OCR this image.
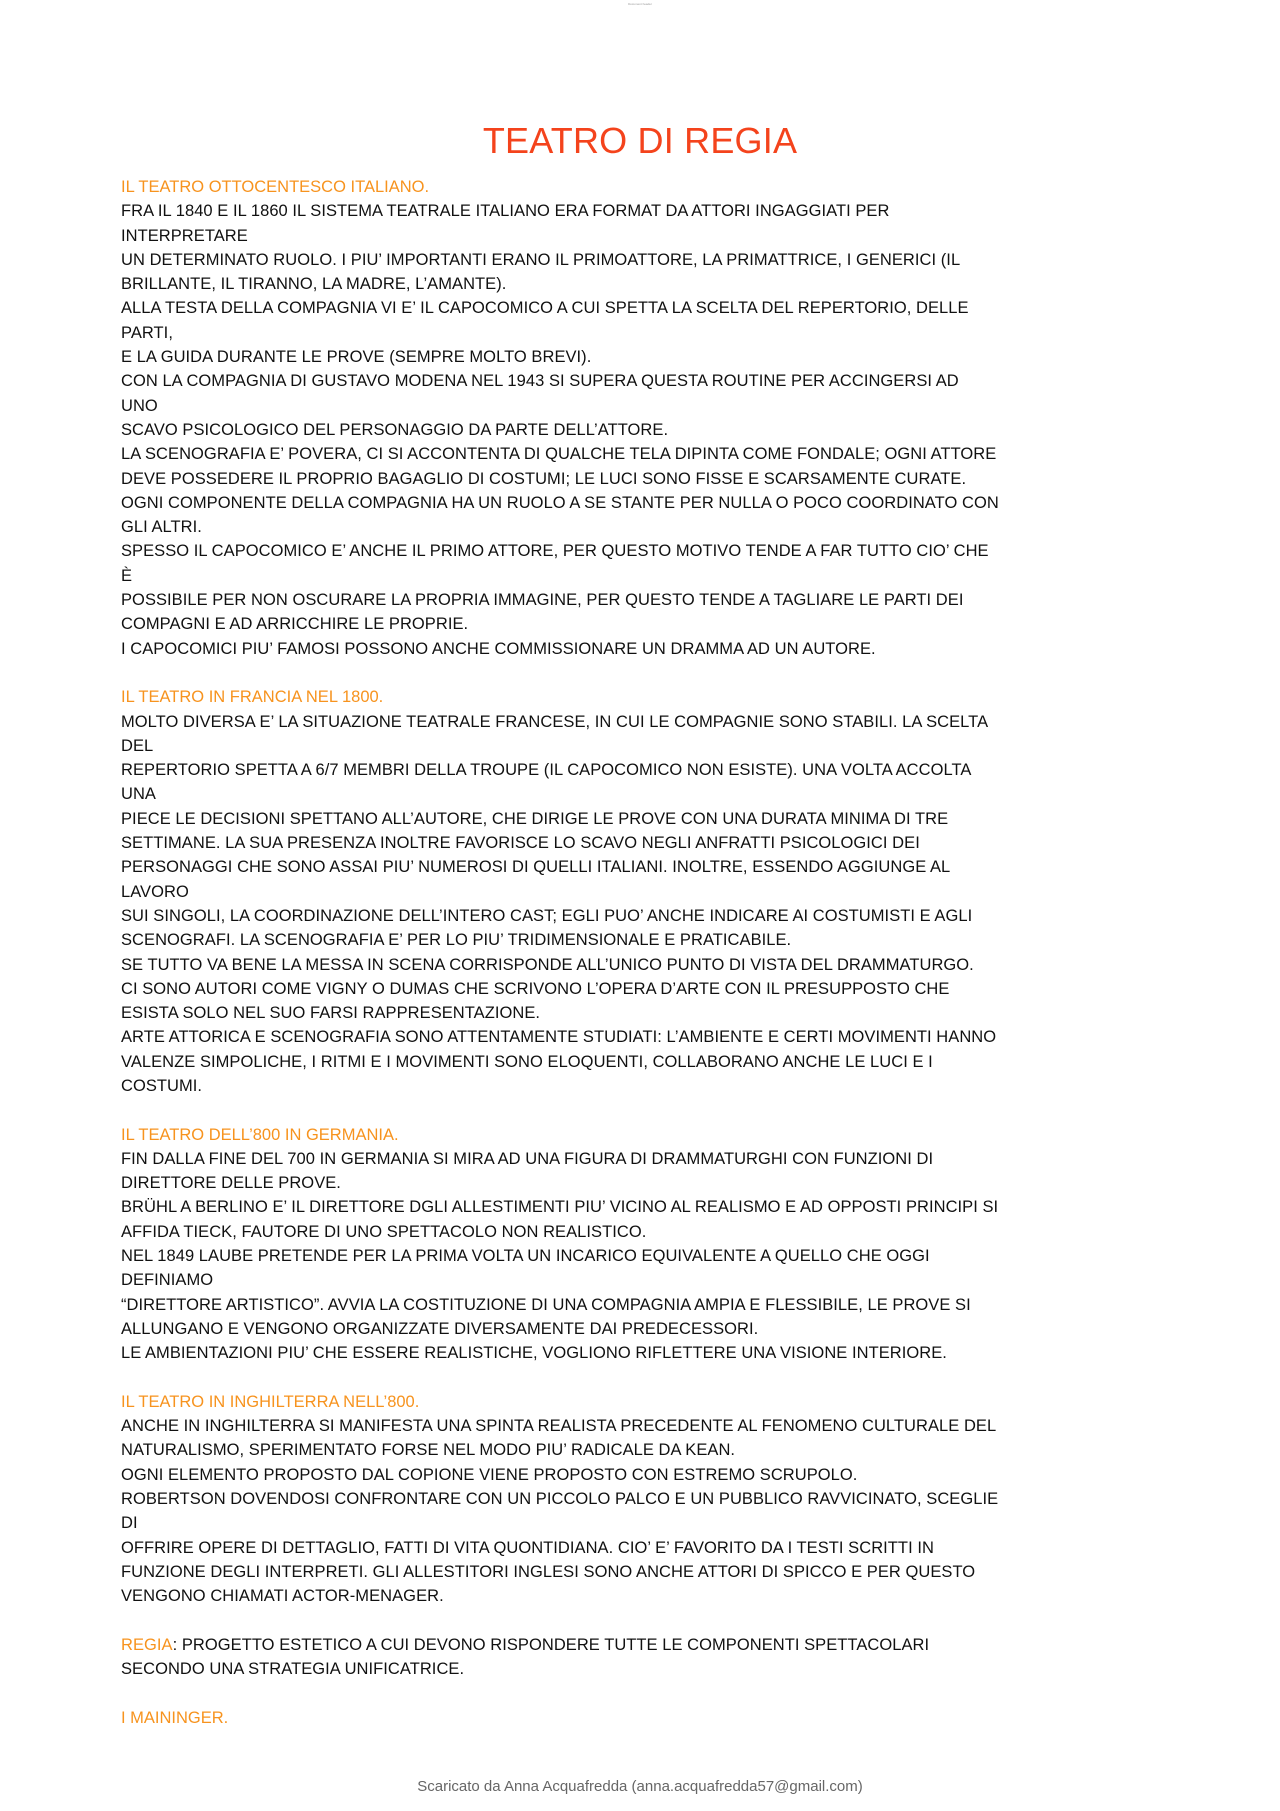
Document header
TEATRO DI REGIA

IL TEATRO OTTOCENTESCO ITALIANO.

FRA IL 1840 E IL 1860 IL SISTEMA TEATRALE ITALIANO ERA FORMAT DA ATTORI INGAGGIATI PER

INTERPRETARE

UN DETERMINATO RUOLO. I PIU’ IMPORTANTI ERANO IL PRIMOATTORE, LA PRIMATTRICE, I GENERICI (IL

BRILLANTE, IL TIRANNO, LA MADRE, L’AMANTE).

ALLA TESTA DELLA COMPAGNIA VI E’ IL CAPOCOMICO A CUI SPETTA LA SCELTA DEL REPERTORIO, DELLE

PARTI,

E LA GUIDA DURANTE LE PROVE (SEMPRE MOLTO BREVI).

CON LA COMPAGNIA DI GUSTAVO MODENA NEL 1943 SI SUPERA QUESTA ROUTINE PER ACCINGERSI AD

UNO

SCAVO PSICOLOGICO DEL PERSONAGGIO DA PARTE DELL’ATTORE.

LA SCENOGRAFIA E’ POVERA, CI SI ACCONTENTA DI QUALCHE TELA DIPINTA COME FONDALE; OGNI ATTORE

DEVE POSSEDERE IL PROPRIO BAGAGLIO DI COSTUMI; LE LUCI SONO FISSE E SCARSAMENTE CURATE.

OGNI COMPONENTE DELLA COMPAGNIA HA UN RUOLO A SE STANTE PER NULLA O POCO COORDINATO CON

GLI ALTRI.

SPESSO IL CAPOCOMICO E’ ANCHE IL PRIMO ATTORE, PER QUESTO MOTIVO TENDE A FAR TUTTO CIO’ CHE

È

POSSIBILE PER NON OSCURARE LA PROPRIA IMMAGINE, PER QUESTO TENDE A TAGLIARE LE PARTI DEI

COMPAGNI E AD ARRICCHIRE LE PROPRIE.

I CAPOCOMICI PIU’ FAMOSI POSSONO ANCHE COMMISSIONARE UN DRAMMA AD UN AUTORE.

IL TEATRO IN FRANCIA NEL 1800.

MOLTO DIVERSA E’ LA SITUAZIONE TEATRALE FRANCESE, IN CUI LE COMPAGNIE SONO STABILI. LA SCELTA

DEL

REPERTORIO SPETTA A 6/7 MEMBRI DELLA TROUPE (IL CAPOCOMICO NON ESISTE). UNA VOLTA ACCOLTA

UNA

PIECE LE DECISIONI SPETTANO ALL’AUTORE, CHE DIRIGE LE PROVE CON UNA DURATA MINIMA DI TRE

SETTIMANE. LA SUA PRESENZA INOLTRE FAVORISCE LO SCAVO NEGLI ANFRATTI PSICOLOGICI DEI

PERSONAGGI CHE SONO ASSAI PIU’ NUMEROSI DI QUELLI ITALIANI. INOLTRE, ESSENDO AGGIUNGE AL

LAVORO

SUI SINGOLI, LA COORDINAZIONE DELL’INTERO CAST; EGLI PUO’ ANCHE INDICARE AI COSTUMISTI E AGLI

SCENOGRAFI. LA SCENOGRAFIA E’ PER LO PIU’ TRIDIMENSIONALE E PRATICABILE.

SE TUTTO VA BENE LA MESSA IN SCENA CORRISPONDE ALL’UNICO PUNTO DI VISTA DEL DRAMMATURGO.

CI SONO AUTORI COME VIGNY O DUMAS CHE SCRIVONO L’OPERA D’ARTE CON IL PRESUPPOSTO CHE

ESISTA SOLO NEL SUO FARSI RAPPRESENTAZIONE.

ARTE ATTORICA E SCENOGRAFIA SONO ATTENTAMENTE STUDIATI: L’AMBIENTE E CERTI MOVIMENTI HANNO

VALENZE SIMPOLICHE, I RITMI E I MOVIMENTI SONO ELOQUENTI, COLLABORANO ANCHE LE LUCI E I

COSTUMI.

IL TEATRO DELL’800 IN GERMANIA.

FIN DALLA FINE DEL 700 IN GERMANIA SI MIRA AD UNA FIGURA DI DRAMMATURGHI CON FUNZIONI DI

DIRETTORE DELLE PROVE.

BRÜHL A BERLINO E’ IL DIRETTORE DGLI ALLESTIMENTI PIU’ VICINO AL REALISMO E AD OPPOSTI PRINCIPI SI

AFFIDA TIECK, FAUTORE DI UNO SPETTACOLO NON REALISTICO.

NEL 1849 LAUBE PRETENDE PER LA PRIMA VOLTA UN INCARICO EQUIVALENTE A QUELLO CHE OGGI

DEFINIAMO

“DIRETTORE ARTISTICO”. AVVIA LA COSTITUZIONE DI UNA COMPAGNIA AMPIA E FLESSIBILE, LE PROVE SI

ALLUNGANO E VENGONO ORGANIZZATE DIVERSAMENTE DAI PREDECESSORI.

LE AMBIENTAZIONI PIU’ CHE ESSERE REALISTICHE, VOGLIONO RIFLETTERE UNA VISIONE INTERIORE.

IL TEATRO IN INGHILTERRA NELL’800.

ANCHE IN INGHILTERRA SI MANIFESTA UNA SPINTA REALISTA PRECEDENTE AL FENOMENO CULTURALE DEL

NATURALISMO, SPERIMENTATO FORSE NEL MODO PIU’ RADICALE DA KEAN.

OGNI ELEMENTO PROPOSTO DAL COPIONE VIENE PROPOSTO CON ESTREMO SCRUPOLO.

ROBERTSON DOVENDOSI CONFRONTARE CON UN PICCOLO PALCO E UN PUBBLICO RAVVICINATO, SCEGLIE

DI

OFFRIRE OPERE DI DETTAGLIO, FATTI DI VITA QUONTIDIANA. CIO’ E’ FAVORITO DA I TESTI SCRITTI IN

FUNZIONE DEGLI INTERPRETI. GLI ALLESTITORI INGLESI SONO ANCHE ATTORI DI SPICCO E PER QUESTO

VENGONO CHIAMATI ACTOR-MENAGER.

REGIA: PROGETTO ESTETICO A CUI DEVONO RISPONDERE TUTTE LE COMPONENTI SPETTACOLARI

SECONDO UNA STRATEGIA UNIFICATRICE.

I MAININGER.

Scaricato da Anna Acquafredda (anna.acquafredda57@gmail.com)
